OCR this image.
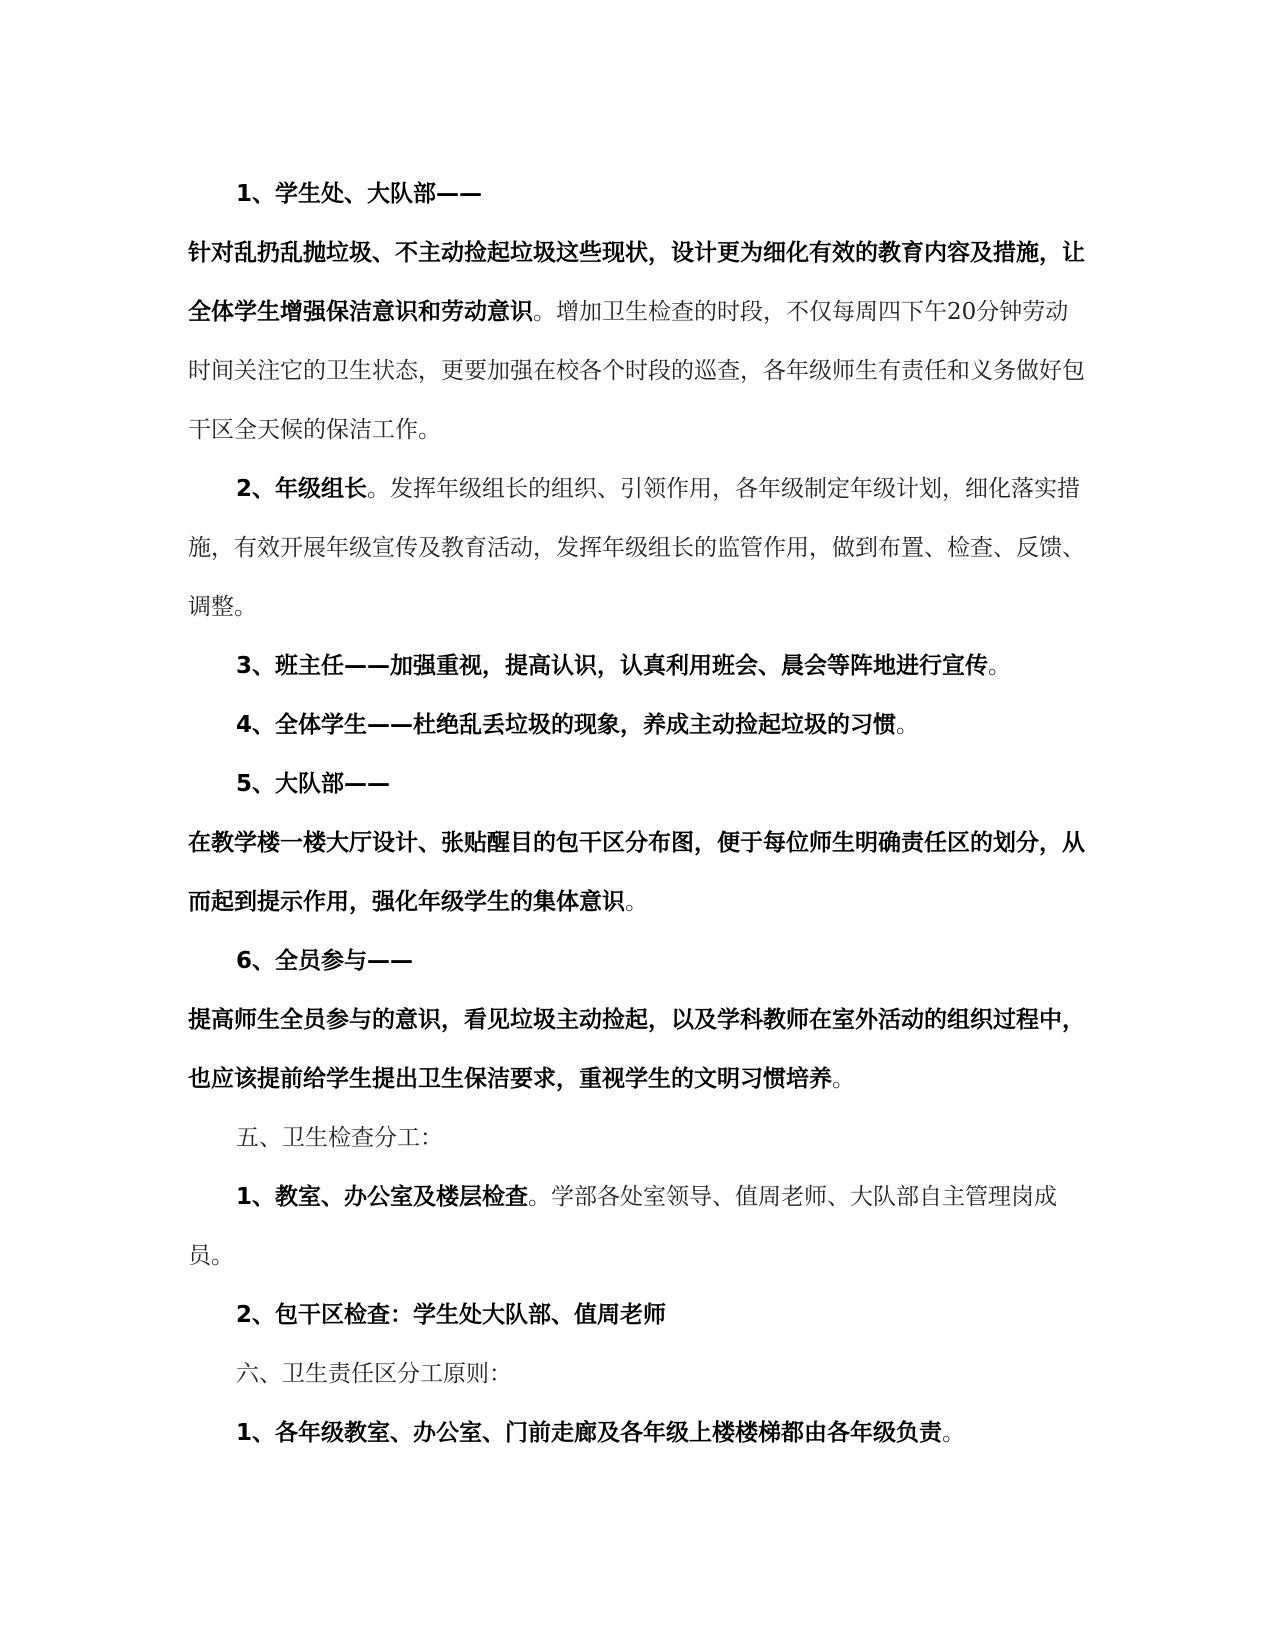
1、学生处、大队部——

针对乱扔乱抛垃圾、不主动捡起垃圾这些现状，设计更为细化有效的教育内容及措施，让全体学生增强保洁意识和劳动意识。增加卫生检查的时段，不仅每周四下午20分钟劳动时间关注它的卫生状态，更要加强在校各个时段的巡查，各年级师生有责任和义务做好包干区全天候的保洁工作。

2、年级组长。发挥年级组长的组织、引领作用，各年级制定年级计划，细化落实措施，有效开展年级宣传及教育活动，发挥年级组长的监管作用，做到布置、检查、反馈、调整。

3、班主任——加强重视，提高认识，认真利用班会、晨会等阵地进行宣传。

4、全体学生——杜绝乱丢垃圾的现象，养成主动捡起垃圾的习惯。

5、大队部——

在教学楼一楼大厅设计、张贴醒目的包干区分布图，便于每位师生明确责任区的划分，从而起到提示作用，强化年级学生的集体意识。

6、全员参与——

提高师生全员参与的意识，看见垃圾主动捡起，以及学科教师在室外活动的组织过程中，也应该提前给学生提出卫生保洁要求，重视学生的文明习惯培养。

五、卫生检查分工：

1、教室、办公室及楼层检查。学部各处室领导、值周老师、大队部自主管理岗成员。

2、包干区检查：学生处大队部、值周老师

六、卫生责任区分工原则：

1、各年级教室、办公室、门前走廊及各年级上楼楼梯都由各年级负责。
